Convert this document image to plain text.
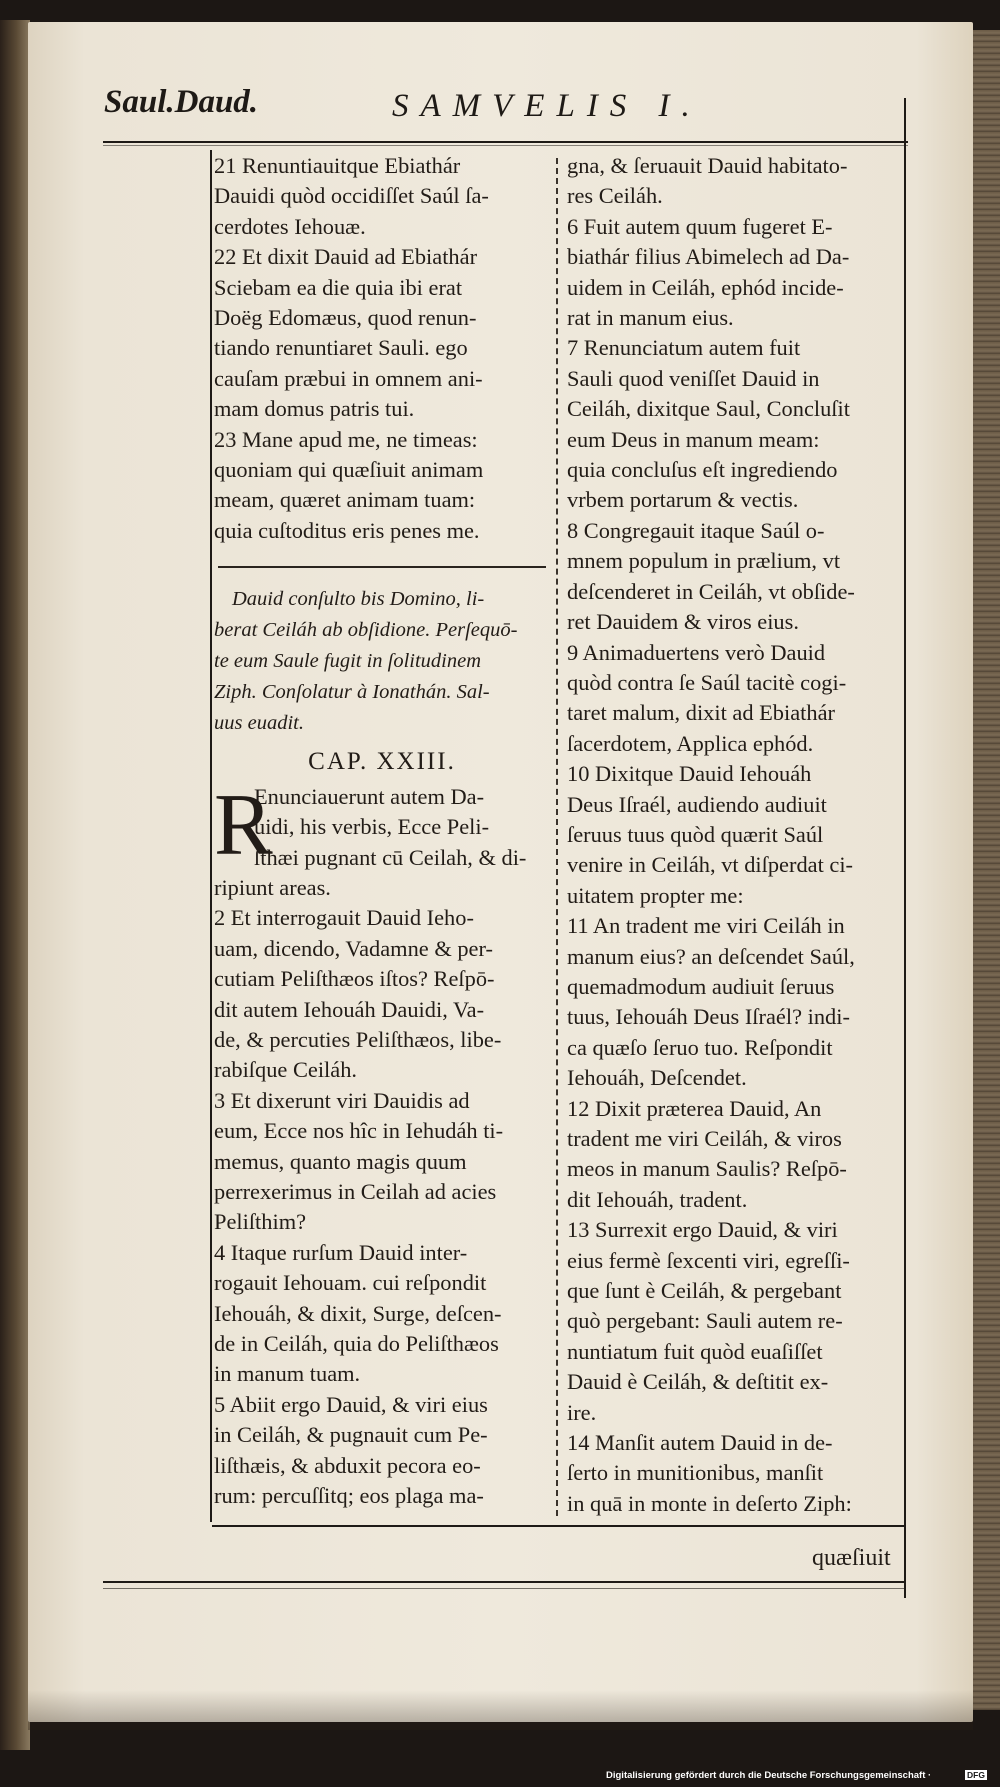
Saul.Daud.	SAMVELIS I.
21 Renuntiauitque Ebiathár
Dauidi quòd occidiſſet Saúl ſa-
cerdotes Iehouæ.
22 Et dixit Dauid ad Ebiathár
Sciebam ea die quia ibi erat
Doëg Edomæus, quod renun-
tiando renuntiaret Sauli. ego
cauſam præbui in omnem ani-
mam domus patris tui.
23 Mane apud me, ne timeas:
quoniam qui quæſiuit animam
meam, quæret animam tuam:
quia cuſtoditus eris penes me.
Dauid conſulto bis Domino, li-
berat Ceiláh ab obſidione. Perſequō-
te eum Saule fugit in ſolitudinem
Ziph. Conſolatur à Ionathán. Sal-
uus euadit.
CAP. XXIII.
R
Enunciauerunt autem Da-
uidi, his verbis, Ecce Peli-
ſthæi pugnant cū Ceilah, & di-
ripiunt areas.
2 Et interrogauit Dauid Ieho-
uam, dicendo, Vadamne & per-
cutiam Peliſthæos iſtos? Reſpō-
dit autem Iehouáh Dauidi, Va-
de, & percuties Peliſthæos, libe-
rabiſque Ceiláh.
3 Et dixerunt viri Dauidis ad
eum, Ecce nos hîc in Iehudáh ti-
memus, quanto magis quum
perrexerimus in Ceilah ad acies
Peliſthim?
4 Itaque rurſum Dauid inter-
rogauit Iehouam. cui reſpondit
Iehouáh, & dixit, Surge, deſcen-
de in Ceiláh, quia do Peliſthæos
in manum tuam.
5 Abiit ergo Dauid, & viri eius
in Ceiláh, & pugnauit cum Pe-
liſthæis, & abduxit pecora eo-
rum: percuſſitq; eos plaga ma-
gna, & ſeruauit Dauid habitato-
res Ceiláh.
6 Fuit autem quum fugeret E-
biathár filius Abimelech ad Da-
uidem in Ceiláh, ephód incide-
rat in manum eius.
7 Renunciatum autem fuit
Sauli quod veniſſet Dauid in
Ceiláh, dixitque Saul, Concluſit
eum Deus in manum meam:
quia concluſus eſt ingrediendo
vrbem portarum & vectis.
8 Congregauit itaque Saúl o-
mnem populum in prælium, vt
deſcenderet in Ceiláh, vt obſide-
ret Dauidem & viros eius.
9 Animaduertens verò Dauid
quòd contra ſe Saúl tacitè cogi-
taret malum, dixit ad Ebiathár
ſacerdotem, Applica ephód.
10 Dixitque Dauid Iehouáh
Deus Iſraél, audiendo audiuit
ſeruus tuus quòd quærit Saúl
venire in Ceiláh, vt diſperdat ci-
uitatem propter me:
11 An tradent me viri Ceiláh in
manum eius? an deſcendet Saúl,
quemadmodum audiuit ſeruus
tuus, Iehouáh Deus Iſraél? indi-
ca quæſo ſeruo tuo. Reſpondit
Iehouáh, Deſcendet.
12 Dixit præterea Dauid, An
tradent me viri Ceiláh, & viros
meos in manum Saulis? Reſpō-
dit Iehouáh, tradent.
13 Surrexit ergo Dauid, & viri
eius fermè ſexcenti viri, egreſſi-
que ſunt è Ceiláh, & pergebant
quò pergebant: Sauli autem re-
nuntiatum fuit quòd euaſiſſet
Dauid è Ceiláh, & deſtitit ex-
ire.
14 Manſit autem Dauid in de-
ſerto in munitionibus, manſit
in quā in monte in deſerto Ziph:
quæſiuit
Digitalisierung gefördert durch die Deutsche Forschungsgemeinschaft ·	DFG
